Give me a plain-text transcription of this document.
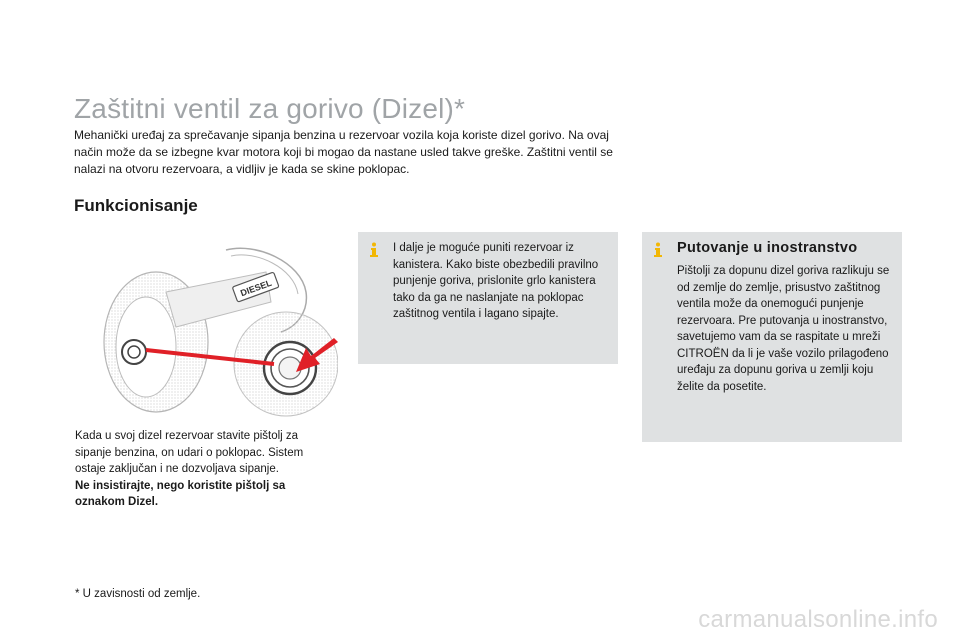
Zaštitni ventil za gorivo (Dizel)*

Mehanički uređaj za sprečavanje sipanja benzina u rezervoar vozila koja koriste dizel gorivo. Na ovaj način može da se izbegne kvar motora koji bi mogao da nastane usled takve greške. Zaštitni ventil se nalazi na otvoru rezervoara, a vidljiv je kada se skine poklopac.

Funkcionisanje
DIESEL

Kada u svoj dizel rezervoar stavite pištolj za sipanje benzina, on udari o poklopac. Sistem ostaje zaključan i ne dozvoljava sipanje.
Ne insistirajte, nego koristite pištolj sa oznakom Dizel.

* U zavisnosti od zemlje.

I dalje je moguće puniti rezervoar iz kanistera. Kako biste obezbedili pravilno punjenje goriva, prislonite grlo kanistera tako da ga ne naslanjate na poklopac zaštitnog ventila i lagano sipajte.

Putovanje u inostranstvo

Pištolji za dopunu dizel goriva razlikuju se od zemlje do zemlje, prisustvo zaštitnog ventila može da onemogući punjenje rezervoara. Pre putovanja u inostranstvo, savetujemo vam da se raspitate u mreži CITROËN da li je vaše vozilo prilagođeno uređaju za dopunu goriva u zemlji koju želite da posetite.

carmanualsonline.info
